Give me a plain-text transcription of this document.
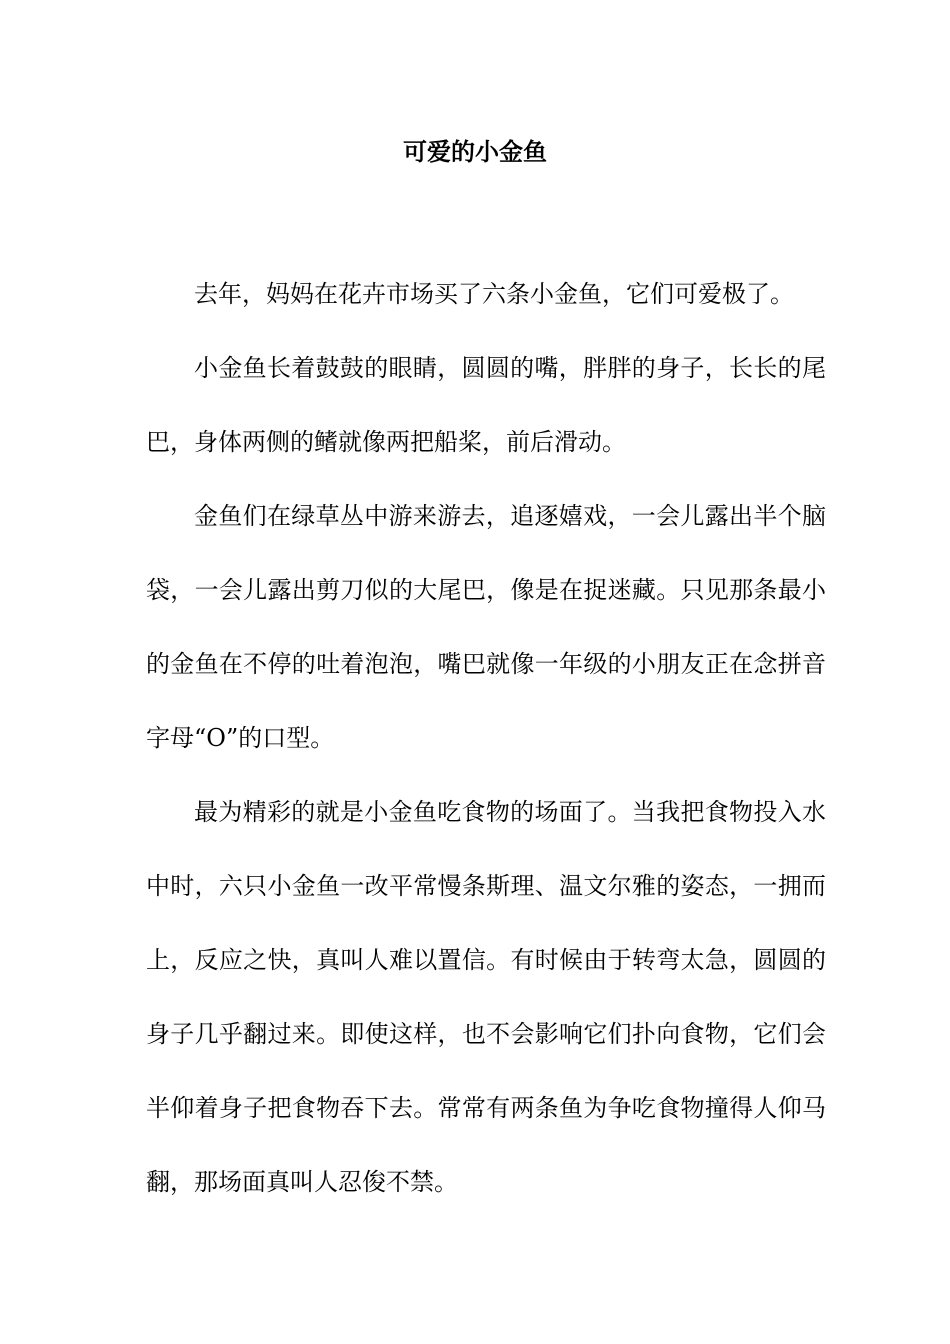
可爱的小金鱼

去年，妈妈在花卉市场买了六条小金鱼，它们可爱极了。

小金鱼长着鼓鼓的眼睛，圆圆的嘴，胖胖的身子，长长的尾巴，身体两侧的鳍就像两把船桨，前后滑动。

金鱼们在绿草丛中游来游去，追逐嬉戏，一会儿露出半个脑袋，一会儿露出剪刀似的大尾巴，像是在捉迷藏。只见那条最小的金鱼在不停的吐着泡泡，嘴巴就像一年级的小朋友正在念拼音字母“O”的口型。

最为精彩的就是小金鱼吃食物的场面了。当我把食物投入水中时，六只小金鱼一改平常慢条斯理、温文尔雅的姿态，一拥而上，反应之快，真叫人难以置信。有时候由于转弯太急，圆圆的身子几乎翻过来。即使这样，也不会影响它们扑向食物，它们会半仰着身子把食物吞下去。常常有两条鱼为争吃食物撞得人仰马翻，那场面真叫人忍俊不禁。
